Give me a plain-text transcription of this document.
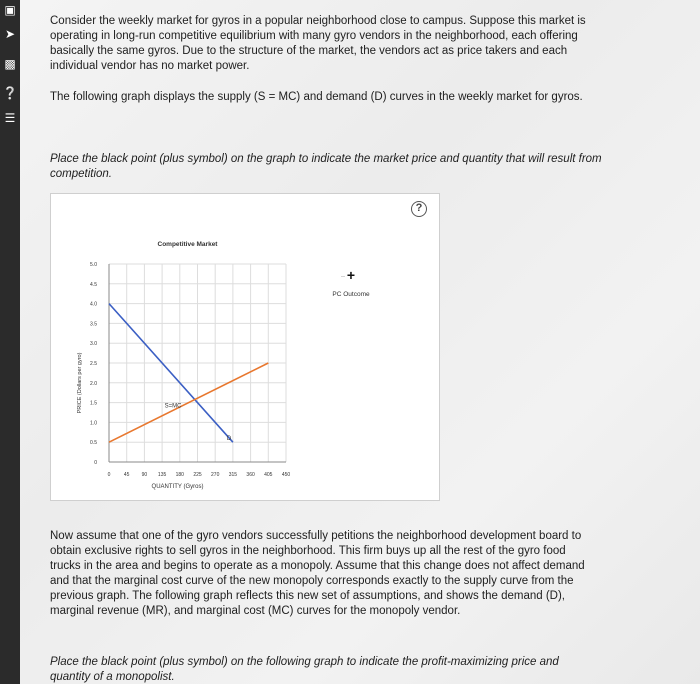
▣
➤
▩
❔
☰

Consider the weekly market for gyros in a popular neighborhood close to campus. Suppose this market is operating in long-run competitive equilibrium with many gyro vendors in the neighborhood, each offering basically the same gyros. Due to the structure of the market, the vendors act as price takers and each individual vendor has no market power.

The following graph displays the supply (S = MC) and demand (D) curves in the weekly market for gyros.

Place the black point (plus symbol) on the graph to indicate the market price and quantity that will result from competition.

?
0	45 90 135 180 225 270 315 360 405 450
0
0.5
1.0
1.5
2.0
2.5
3.0
3.5
4.0
4.5
5.0
Competitive Market
QUANTITY (Gyros)
PRICE (Dollars per gyro)
D
S=MC
+
··
PC Outcome

Now assume that one of the gyro vendors successfully petitions the neighborhood development board to obtain exclusive rights to sell gyros in the neighborhood. This firm buys up all the rest of the gyro food trucks in the area and begins to operate as a monopoly. Assume that this change does not affect demand and that the marginal cost curve of the new monopoly corresponds exactly to the supply curve from the previous graph. The following graph reflects this new set of assumptions, and shows the demand (D), marginal revenue (MR), and marginal cost (MC) curves for the monopoly vendor.

Place the black point (plus symbol) on the following graph to indicate the profit-maximizing price and quantity of a monopolist.
